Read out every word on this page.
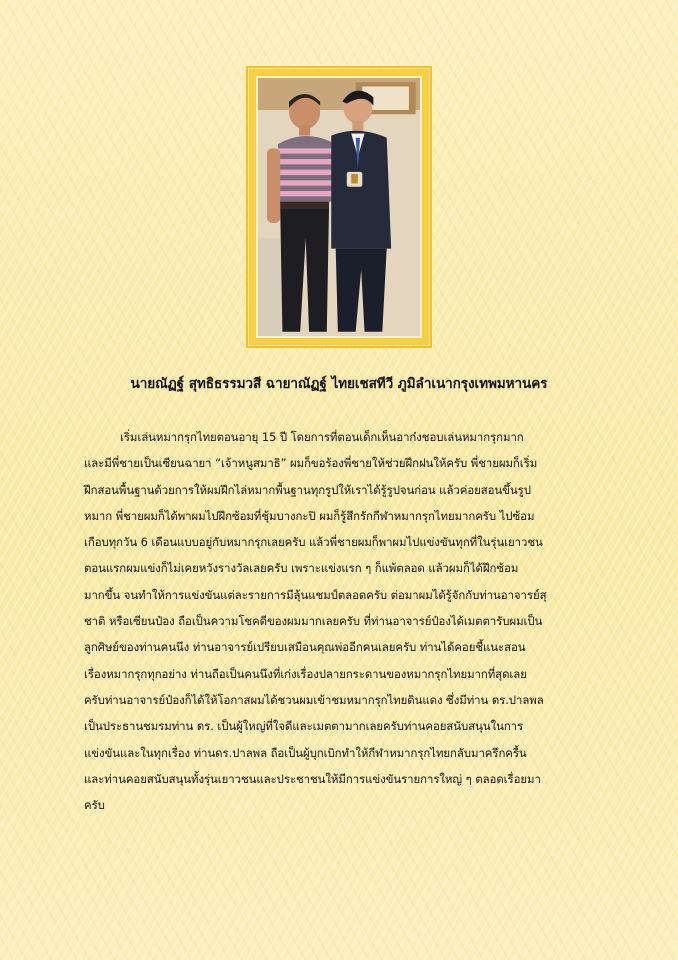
นายณัฏฐ์ สุทธิธรรมวสี ฉายาณัฏฐ์ ไทยเชสทีวี ภูมิลำเนากรุงเทพมหานคร
เริ่มเล่นหมากรุกไทยตอนอายุ 15 ปี โดยการที่ตอนเด็กเห็นอาก๋งชอบเล่นหมากรุกมาก
และมีพี่ชายเป็นเซียนฉายา “เจ้าหนูสมาธิ” ผมก็ขอร้องพี่ชายให้ช่วยฝึกฝนให้ครับ พี่ชายผมก็เริ่ม
ฝึกสอนพื้นฐานด้วยการให้ผมฝึกไล่หมากพื้นฐานทุกรูปให้เราได้รู้รูปจนก่อน แล้วค่อยสอนขึ้นรูป
หมาก พี่ชายผมก็ได้พาผมไปฝึกซ้อมที่ชุ้มบางกะปิ ผมก็รู้สึกรักกีฬาหมากรุกไทยมากครับ ไปซ้อม
เกือบทุกวัน 6 เดือนแบบอยู่กับหมากรุกเลยครับ แล้วพี่ชายผมก็พาผมไปแข่งขันทุกที่ในรุ่นเยาวชน
ตอนแรกผมแข่งก็ไม่เคยหวังรางวัลเลยครับ เพราะแข่งแรก ๆ ก็แพ้ตลอด แล้วผมก็ได้ฝึกซ้อม
มากขึ้น จนทำให้การแข่งขันแต่ละรายการมีลุ้นแชมป์ตลอดครับ ต่อมาผมได้รู้จักกับท่านอาจารย์สุ
ชาติ หรือเซียนป๋อง ถือเป็นความโชคดีของผมมากเลยครับ ที่ท่านอาจารย์ป๋องได้เมตตารับผมเป็น
ลูกศิษย์ของท่านคนนึง ท่านอาจารย์เปรียบเสมือนคุณพ่ออีกคนเลยครับ ท่านได้คอยชี้แนะสอน
เรื่องหมากรุกทุกอย่าง ท่านถือเป็นคนนึงที่เก่งเรื่องปลายกระดานของหมากรุกไทยมากที่สุดเลย
ครับท่านอาจารย์ป๋องก็ได้ให้โอกาสผมได้ชวนผมเข้าชมหมากรุกไทยดินแดง ซึ่งมีท่าน ดร.ปาลพล
เป็นประธานชมรมท่าน ดร. เป็นผู้ใหญ่ที่ใจดีและเมตตามากเลยครับท่านคอยสนับสนุนในการ
แข่งขันและในทุกเรื่อง ท่านดร.ปาลพล ถือเป็นผู้บุกเบิกทำให้กีฬาหมากรุกไทยกลับมาครึกครื้น
และท่านคอยสนับสนุนทั้งรุ่นเยาวชนและประชาชนให้มีการแข่งขันรายการใหญ่ ๆ ตลอดเรื่อยมา
ครับ
